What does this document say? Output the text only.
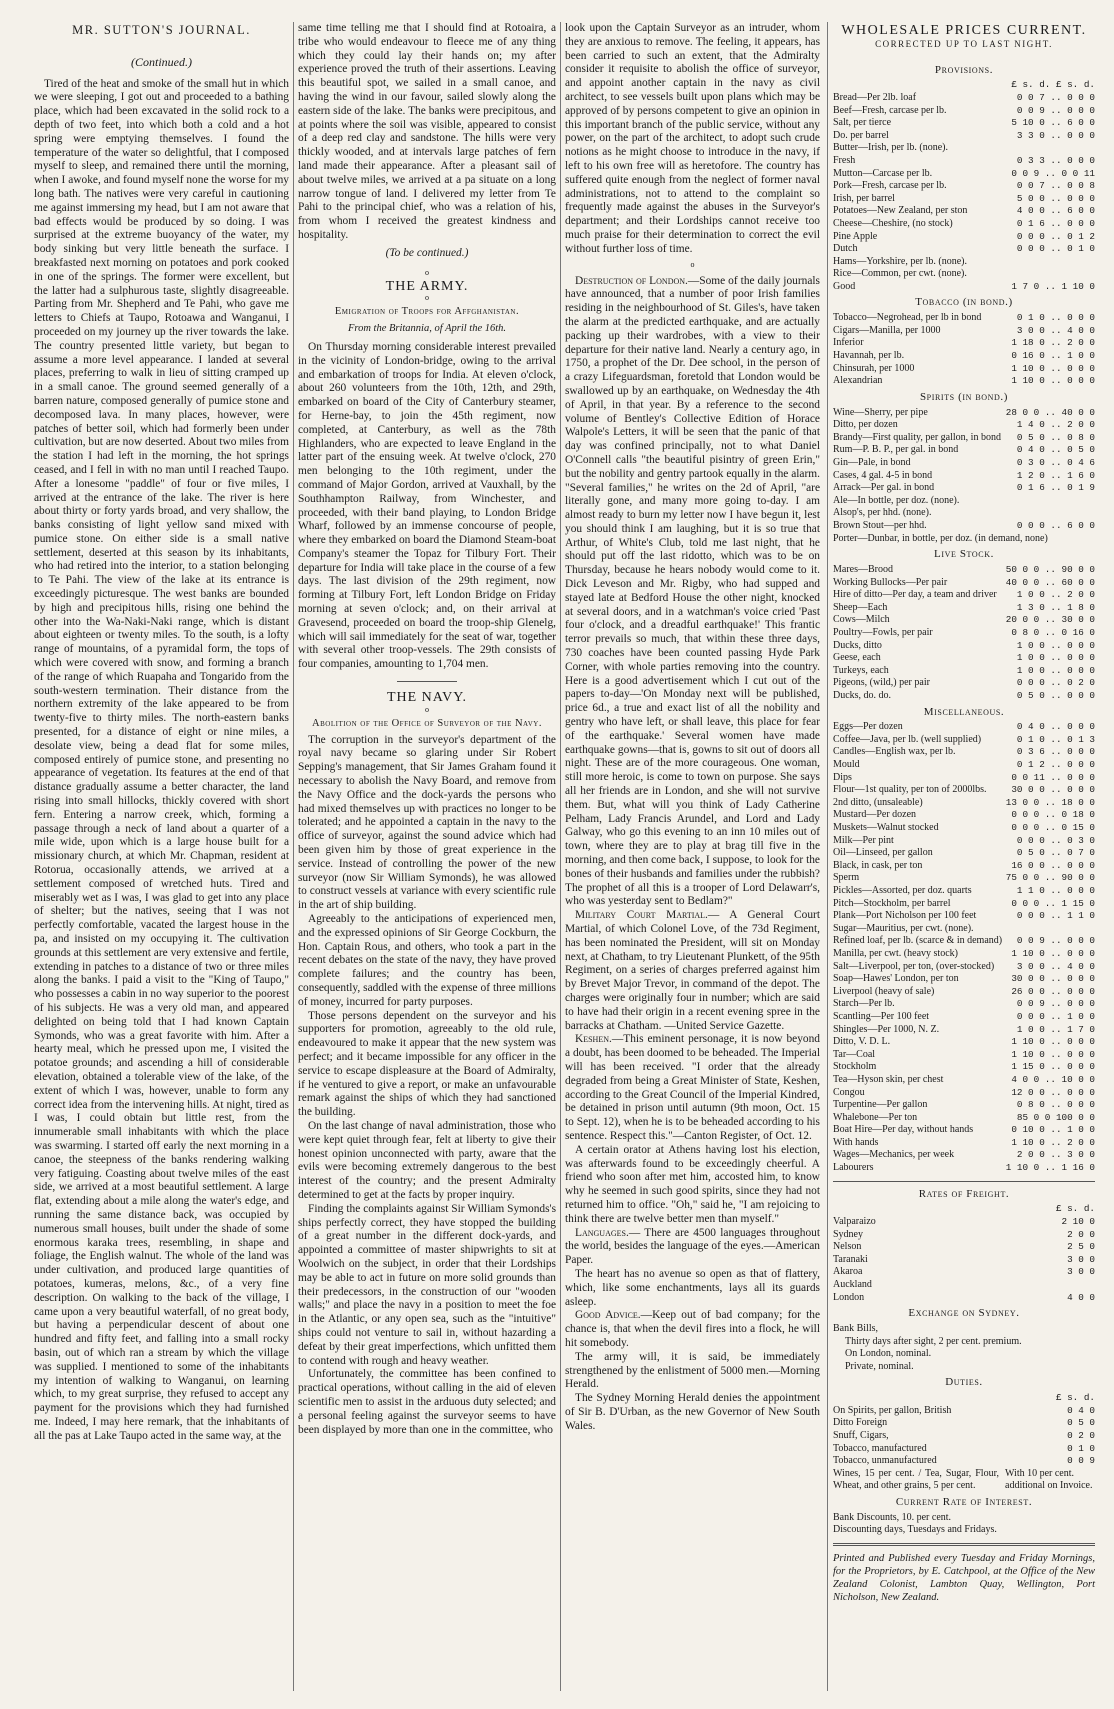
MR. SUTTON'S JOURNAL.
(Continued.)

Tired of the heat and smoke of the small hut in which we were sleeping, I got out and proceeded to a bathing place, which had been excavated in the solid rock to a depth of two feet, into which both a cold and a hot spring were emptying themselves. I found the temperature of the water so delightful, that I composed myself to sleep, and remained there until the morning, when I awoke, and found myself none the worse for my long bath. The natives were very careful in cautioning me against immersing my head, but I am not aware that bad effects would be produced by so doing. I was surprised at the extreme buoyancy of the water, my body sinking but very little beneath the surface. I breakfasted next morning on potatoes and pork cooked in one of the springs. The former were excellent, but the latter had a sulphurous taste, slightly disagreeable. Parting from Mr. Shepherd and Te Pahi, who gave me letters to Chiefs at Taupo, Rotoawa and Wanganui, I proceeded on my journey up the river towards the lake. The country presented little variety, but began to assume a more level appearance. I landed at several places, preferring to walk in lieu of sitting cramped up in a small canoe. The ground seemed generally of a barren nature, composed generally of pumice stone and decomposed lava. In many places, however, were patches of better soil, which had formerly been under cultivation, but are now deserted. About two miles from the station I had left in the morning, the hot springs ceased, and I fell in with no man until I reached Taupo. After a lonesome "paddle" of four or five miles, I arrived at the entrance of the lake. The river is here about thirty or forty yards broad, and very shallow, the banks consisting of light yellow sand mixed with pumice stone. On either side is a small native settlement, deserted at this season by its inhabitants, who had retired into the interior, to a station belonging to Te Pahi. The view of the lake at its entrance is exceedingly picturesque. The west banks are bounded by high and precipitous hills, rising one behind the other into the Wa-Naki-Naki range, which is distant about eighteen or twenty miles. To the south, is a lofty range of mountains, of a pyramidal form, the tops of which were covered with snow, and forming a branch of the range of which Ruapaha and Tongarido from the south-western termination. Their distance from the northern extremity of the lake appeared to be from twenty-five to thirty miles. The north-eastern banks presented, for a distance of eight or nine miles, a desolate view, being a dead flat for some miles, composed entirely of pumice stone, and presenting no appearance of vegetation. Its features at the end of that distance gradually assume a better character, the land rising into small hillocks, thickly covered with short fern. Entering a narrow creek, which, forming a passage through a neck of land about a quarter of a mile wide, upon which is a large house built for a missionary church, at which Mr. Chapman, resident at Rotorua, occasionally attends, we arrived at a settlement composed of wretched huts. Tired and miserably wet as I was, I was glad to get into any place of shelter; but the natives, seeing that I was not perfectly comfortable, vacated the largest house in the pa, and insisted on my occupying it. The cultivation grounds at this settlement are very extensive and fertile, extending in patches to a distance of two or three miles along the banks. I paid a visit to the "King of Taupo," who possesses a cabin in no way superior to the poorest of his subjects. He was a very old man, and appeared delighted on being told that I had known Captain Symonds, who was a great favorite with him. After a hearty meal, which he pressed upon me, I visited the potatoe grounds; and ascending a hill of considerable elevation, obtained a tolerable view of the lake, of the extent of which I was, however, unable to form any correct idea from the intervening hills. At night, tired as I was, I could obtain but little rest, from the innumerable small inhabitants with which the place was swarming. I started off early the next morning in a canoe, the steepness of the banks rendering walking very fatiguing. Coasting about twelve miles of the east side, we arrived at a most beautiful settlement. A large flat, extending about a mile along the water's edge, and running the same distance back, was occupied by numerous small houses, built under the shade of some enormous karaka trees, resembling, in shape and foliage, the English walnut. The whole of the land was under cultivation, and produced large quantities of potatoes, kumeras, melons, &c., of a very fine description. On walking to the back of the village, I came upon a very beautiful waterfall, of no great body, but having a perpendicular descent of about one hundred and fifty feet, and falling into a small rocky basin, out of which ran a stream by which the village was supplied. I mentioned to some of the inhabitants my intention of walking to Wanganui, on learning which, to my great surprise, they refused to accept any payment for the provisions which they had furnished me. Indeed, I may here remark, that the inhabitants of all the pas at Lake Taupo acted in the same way, at the

same time telling me that I should find at Rotoaira, a tribe who would endeavour to fleece me of any thing which they could lay their hands on; my after experience proved the truth of their assertions. Leaving this beautiful spot, we sailed in a small canoe, and having the wind in our favour, sailed slowly along the eastern side of the lake. The banks were precipitous, and at points where the soil was visible, appeared to consist of a deep red clay and sandstone. The hills were very thickly wooded, and at intervals large patches of fern land made their appearance. After a pleasant sail of about twelve miles, we arrived at a pa situate on a long narrow tongue of land. I delivered my letter from Te Pahi to the principal chief, who was a relation of his, from whom I received the greatest kindness and hospitality.

(To be continued.)
o
THE ARMY.
o
Emigration of Troops for Affghanistan.
From the Britannia, of April the 16th.

On Thursday morning considerable interest prevailed in the vicinity of London-bridge, owing to the arrival and embarkation of troops for India. At eleven o'clock, about 260 volunteers from the 10th, 12th, and 29th, embarked on board of the City of Canterbury steamer, for Herne-bay, to join the 45th regiment, now completed, at Canterbury, as well as the 78th Highlanders, who are expected to leave England in the latter part of the ensuing week. At twelve o'clock, 270 men belonging to the 10th regiment, under the command of Major Gordon, arrived at Vauxhall, by the Southhampton Railway, from Winchester, and proceeded, with their band playing, to London Bridge Wharf, followed by an immense concourse of people, where they embarked on board the Diamond Steam-boat Company's steamer the Topaz for Tilbury Fort. Their departure for India will take place in the course of a few days. The last division of the 29th regiment, now forming at Tilbury Fort, left London Bridge on Friday morning at seven o'clock; and, on their arrival at Gravesend, proceeded on board the troop-ship Glenelg, which will sail immediately for the seat of war, together with several other troop-vessels. The 29th consists of four companies, amounting to 1,704 men.

THE NAVY.
o
Abolition of the Office of Surveyor of the Navy.

The corruption in the surveyor's department of the royal navy became so glaring under Sir Robert Sepping's management, that Sir James Graham found it necessary to abolish the Navy Board, and remove from the Navy Office and the dock-yards the persons who had mixed themselves up with practices no longer to be tolerated; and he appointed a captain in the navy to the office of surveyor, against the sound advice which had been given him by those of great experience in the service. Instead of controlling the power of the new surveyor (now Sir William Symonds), he was allowed to construct vessels at variance with every scientific rule in the art of ship building.

Agreeably to the anticipations of experienced men, and the expressed opinions of Sir George Cockburn, the Hon. Captain Rous, and others, who took a part in the recent debates on the state of the navy, they have proved complete failures; and the country has been, consequently, saddled with the expense of three millions of money, incurred for party purposes.

Those persons dependent on the surveyor and his supporters for promotion, agreeably to the old rule, endeavoured to make it appear that the new system was perfect; and it became impossible for any officer in the service to escape displeasure at the Board of Admiralty, if he ventured to give a report, or make an unfavourable remark against the ships of which they had sanctioned the building.

On the last change of naval administration, those who were kept quiet through fear, felt at liberty to give their honest opinion unconnected with party, aware that the evils were becoming extremely dangerous to the best interest of the country; and the present Admiralty determined to get at the facts by proper inquiry.

Finding the complaints against Sir William Symonds's ships perfectly correct, they have stopped the building of a great number in the different dock-yards, and appointed a committee of master shipwrights to sit at Woolwich on the subject, in order that their Lordships may be able to act in future on more solid grounds than their predecessors, in the construction of our "wooden walls;" and place the navy in a position to meet the foe in the Atlantic, or any open sea, such as the "intuitive" ships could not venture to sail in, without hazarding a defeat by their great imperfections, which unfitted them to contend with rough and heavy weather.

Unfortunately, the committee has been confined to practical operations, without calling in the aid of eleven scientific men to assist in the arduous duty selected; and a personal feeling against the surveyor seems to have been displayed by more than one in the committee, who

look upon the Captain Surveyor as an intruder, whom they are anxious to remove. The feeling, it appears, has been carried to such an extent, that the Admiralty consider it requisite to abolish the office of surveyor, and appoint another captain in the navy as civil architect, to see vessels built upon plans which may be approved of by persons competent to give an opinion in this important branch of the public service, without any power, on the part of the architect, to adopt such crude notions as he might choose to introduce in the navy, if left to his own free will as heretofore. The country has suffered quite enough from the neglect of former naval administrations, not to attend to the complaint so frequently made against the abuses in the Surveyor's department; and their Lordships cannot receive too much praise for their determination to correct the evil without further loss of time.

o

Destruction of London.—Some of the daily journals have announced, that a number of poor Irish families residing in the neighbourhood of St. Giles's, have taken the alarm at the predicted earthquake, and are actually packing up their wardrobes, with a view to their departure for their native land. Nearly a century ago, in 1750, a prophet of the Dr. Dee school, in the person of a crazy Lifeguardsman, foretold that London would be swallowed up by an earthquake, on Wednesday the 4th of April, in that year. By a reference to the second volume of Bentley's Collective Edition of Horace Walpole's Letters, it will be seen that the panic of that day was confined principally, not to what Daniel O'Connell calls "the beautiful pisintry of green Erin," but the nobility and gentry partook equally in the alarm. "Several families," he writes on the 2d of April, "are literally gone, and many more going to-day. I am almost ready to burn my letter now I have begun it, lest you should think I am laughing, but it is so true that Arthur, of White's Club, told me last night, that he should put off the last ridotto, which was to be on Thursday, because he hears nobody would come to it. Dick Leveson and Mr. Rigby, who had supped and stayed late at Bedford House the other night, knocked at several doors, and in a watchman's voice cried 'Past four o'clock, and a dreadful earthquake!' This frantic terror prevails so much, that within these three days, 730 coaches have been counted passing Hyde Park Corner, with whole parties removing into the country. Here is a good advertisement which I cut out of the papers to-day—'On Monday next will be published, price 6d., a true and exact list of all the nobility and gentry who have left, or shall leave, this place for fear of the earthquake.' Several women have made earthquake gowns—that is, gowns to sit out of doors all night. These are of the more courageous. One woman, still more heroic, is come to town on purpose. She says all her friends are in London, and she will not survive them. But, what will you think of Lady Catherine Pelham, Lady Francis Arundel, and Lord and Lady Galway, who go this evening to an inn 10 miles out of town, where they are to play at brag till five in the morning, and then come back, I suppose, to look for the bones of their husbands and families under the rubbish? The prophet of all this is a trooper of Lord Delawarr's, who was yesterday sent to Bedlam?"

Military Court Martial.— A General Court Martial, of which Colonel Love, of the 73d Regiment, has been nominated the President, will sit on Monday next, at Chatham, to try Lieutenant Plunkett, of the 95th Regiment, on a series of charges preferred against him by Brevet Major Trevor, in command of the depot. The charges were originally four in number; which are said to have had their origin in a recent evening spree in the barracks at Chatham. —United Service Gazette.

Keshen.—This eminent personage, it is now beyond a doubt, has been doomed to be beheaded. The Imperial will has been received. "I order that the already degraded from being a Great Minister of State, Keshen, according to the Great Council of the Imperial Kindred, be detained in prison until autumn (9th moon, Oct. 15 to Sept. 12), when he is to be beheaded according to his sentence. Respect this."—Canton Register, of Oct. 12.

A certain orator at Athens having lost his election, was afterwards found to be exceedingly cheerful. A friend who soon after met him, accosted him, to know why he seemed in such good spirits, since they had not returned him to office. "Oh," said he, "I am rejoicing to think there are twelve better men than myself."

Languages.— There are 4500 languages throughout the world, besides the language of the eyes.—American Paper.

The heart has no avenue so open as that of flattery, which, like some enchantments, lays all its guards asleep.

Good Advice.—Keep out of bad company; for the chance is, that when the devil fires into a flock, he will hit somebody.

The army will, it is said, be immediately strengthened by the enlistment of 5000 men.—Morning Herald.

The Sydney Morning Herald denies the appointment of Sir B. D'Urban, as the new Governor of New South Wales.

WHOLESALE PRICES CURRENT.
CORRECTED UP TO LAST NIGHT.
Provisions.
£ s. d. £ s. d.
Bread—Per 2lb. loaf	0 0 7 .. 0 0 0
Beef—Fresh, carcase per lb.	0 0 9 .. 0 0 0
Salt, per tierce	5 10 0 .. 6 0 0
Do. per barrel	3 3 0 .. 0 0 0
Butter—Irish, per lb. (none).
Fresh	0 3 3 .. 0 0 0
Mutton—Carcase per lb.	0 0 9 .. 0 0 11
Pork—Fresh, carcase per lb.	0 0 7 .. 0 0 8
Irish, per barrel	5 0 0 .. 0 0 0
Potatoes—New Zealand, per ston	4 0 0 .. 6 0 0
Cheese—Cheshire, (no stock)	0 1 6 .. 0 0 0
Pine Apple	0 0 0 .. 0 1 2
Dutch	0 0 0 .. 0 1 0
Hams—Yorkshire, per lb. (none).
Rice—Common, per cwt. (none).
Good	1 7 0 .. 1 10 0
Tobacco (in bond.)
Tobacco—Negrohead, per lb in bond	0 1 0 .. 0 0 0
Cigars—Manilla, per 1000	3 0 0 .. 4 0 0
Inferior	1 18 0 .. 2 0 0
Havannah, per lb.	0 16 0 .. 1 0 0
Chinsurah, per 1000	1 10 0 .. 0 0 0
Alexandrian	1 10 0 .. 0 0 0
Spirits (in bond.)
Wine—Sherry, per pipe	28 0 0 .. 40 0 0
Ditto, per dozen	1 4 0 .. 2 0 0
Brandy—First quality, per gallon, in bond	0 5 0 .. 0 8 0
Rum—P. B. P., per gal. in bond	0 4 0 .. 0 5 0
Gin—Pale, in bond	0 3 0 .. 0 4 6
Cases, 4 gal. 4-5 in bond	1 2 0 .. 1 6 0
Arrack—Per gal. in bond	0 1 6 .. 0 1 9
Ale—In bottle, per doz. (none).
Alsop's, per hhd. (none).
Brown Stout—per hhd.	0 0 0 .. 6 0 0
Porter—Dunbar, in bottle, per doz. (in demand, none)
Live Stock.
Mares—Brood	50 0 0 .. 90 0 0
Working Bullocks—Per pair	40 0 0 .. 60 0 0
Hire of ditto—Per day, a team and driver	1 0 0 .. 2 0 0
Sheep—Each	1 3 0 .. 1 8 0
Cows—Milch	20 0 0 .. 30 0 0
Poultry—Fowls, per pair	0 8 0 .. 0 16 0
Ducks, ditto	1 0 0 .. 0 0 0
Geese, each	1 0 0 .. 0 0 0
Turkeys, each	1 0 0 .. 0 0 0
Pigeons, (wild,) per pair	0 0 0 .. 0 2 0
Ducks, do. do.	0 5 0 .. 0 0 0
Miscellaneous.
Eggs—Per dozen	0 4 0 .. 0 0 0
Coffee—Java, per lb. (well supplied)	0 1 0 .. 0 1 3
Candles—English wax, per lb.	0 3 6 .. 0 0 0
Mould	0 1 2 .. 0 0 0
Dips	0 0 11 .. 0 0 0
Flour—1st quality, per ton of 2000lbs.	30 0 0 .. 0 0 0
2nd ditto, (unsaleable)	13 0 0 .. 18 0 0
Mustard—Per dozen	0 0 0 .. 0 18 0
Muskets—Walnut stocked	0 0 0 .. 0 15 0
Milk—Per pint	0 0 0 .. 0 3 0
Oil—Linseed, per gallon	0 5 0 .. 0 7 0
Black, in cask, per ton	16 0 0 .. 0 0 0
Sperm	75 0 0 .. 90 0 0
Pickles—Assorted, per doz. quarts	1 1 0 .. 0 0 0
Pitch—Stockholm, per barrel	0 0 0 .. 1 15 0
Plank—Port Nicholson per 100 feet	0 0 0 .. 1 1 0
Sugar—Mauritius, per cwt. (none).
Refined loaf, per lb. (scarce & in demand)	0 0 9 .. 0 0 0
Manilla, per cwt. (heavy stock)	1 10 0 .. 0 0 0
Salt—Liverpool, per ton, (over-stocked)	3 0 0 .. 4 0 0
Soap—Hawes' London, per ton	30 0 0 .. 0 0 0
Liverpool (heavy of sale)	26 0 0 .. 0 0 0
Starch—Per lb.	0 0 9 .. 0 0 0
Scantling—Per 100 feet	0 0 0 .. 1 0 0
Shingles—Per 1000, N. Z.	1 0 0 .. 1 7 0
Ditto, V. D. L.	1 10 0 .. 0 0 0
Tar—Coal	1 10 0 .. 0 0 0
Stockholm	1 15 0 .. 0 0 0
Tea—Hyson skin, per chest	4 0 0 .. 10 0 0
Congou	12 0 0 .. 0 0 0
Turpentine—Per gallon	0 8 0 .. 0 0 0
Whalebone—Per ton	85 0 0 100 0 0
Boat Hire—Per day, without hands	0 10 0 .. 1 0 0
With hands	1 10 0 .. 2 0 0
Wages—Mechanics, per week	2 0 0 .. 3 0 0
Labourers	1 10 0 .. 1 16 0
Rates of Freight.
£ s. d.
Valparaizo	2 10 0
Sydney	2 0 0
Nelson	2 5 0
Taranaki	3 0 0
Akaroa	3 0 0
Auckland
London	4 0 0
Exchange on Sydney.
Bank Bills,
Thirty days after sight, 2 per cent. premium.
On London, nominal.
Private, nominal.
Duties.
£ s. d.
On Spirits, per gallon, British	0 4 0
Ditto Foreign	0 5 0
Snuff, Cigars,	0 2 0
Tobacco, manufactured	0 1 0
Tobacco, unmanufactured	0 0 9
Wines, 15 per cent. / Tea, Sugar, Flour, Wheat, and other grains, 5 per cent.
With 10 per cent. additional on Invoice.
Current Rate of Interest.
Bank Discounts, 10. per cent.
Discounting days, Tuesdays and Fridays.
Printed and Published every Tuesday and Friday Mornings, for the Proprietors, by E. Catchpool, at the Office of the New Zealand Colonist, Lambton Quay, Wellington, Port Nicholson, New Zealand.
